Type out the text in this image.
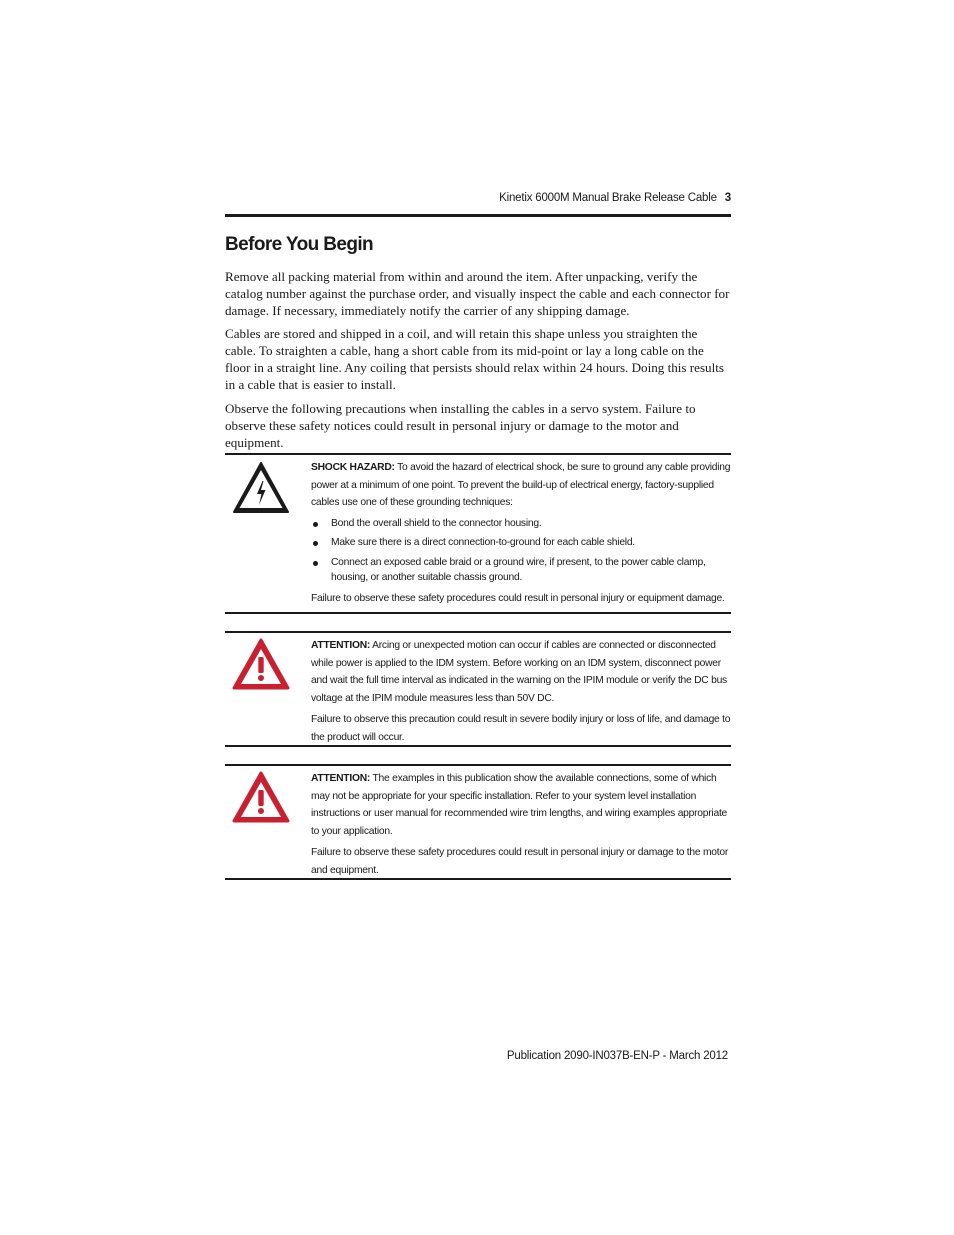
Kinetix 6000M Manual Brake Release Cable 3
Before You Begin

Remove all packing material from within and around the item. After unpacking, verify the catalog number against the purchase order, and visually inspect the cable and each connector for damage. If necessary, immediately notify the carrier of any shipping damage.

Cables are stored and shipped in a coil, and will retain this shape unless you straighten the cable. To straighten a cable, hang a short cable from its mid-point or lay a long cable on the floor in a straight line. Any coiling that persists should relax within 24 hours. Doing this results in a cable that is easier to install.

Observe the following precautions when installing the cables in a servo system. Failure to observe these safety notices could result in personal injury or damage to the motor and equipment.

SHOCK HAZARD: To avoid the hazard of electrical shock, be sure to ground any cable providing power at a minimum of one point. To prevent the build-up of electrical energy, factory-supplied cables use one of these grounding techniques:

Bond the overall shield to the connector housing.
Make sure there is a direct connection-to-ground for each cable shield.
Connect an exposed cable braid or a ground wire, if present, to the power cable clamp, housing, or another suitable chassis ground.

Failure to observe these safety procedures could result in personal injury or equipment damage.

ATTENTION: Arcing or unexpected motion can occur if cables are connected or disconnected while power is applied to the IDM system. Before working on an IDM system, disconnect power and wait the full time interval as indicated in the warning on the IPIM module or verify the DC bus voltage at the IPIM module measures less than 50V DC.

Failure to observe this precaution could result in severe bodily injury or loss of life, and damage to the product will occur.

ATTENTION: The examples in this publication show the available connections, some of which may not be appropriate for your specific installation. Refer to your system level installation instructions or user manual for recommended wire trim lengths, and wiring examples appropriate to your application.

Failure to observe these safety procedures could result in personal injury or damage to the motor and equipment.

Publication 2090-IN037B-EN-P - March 2012
